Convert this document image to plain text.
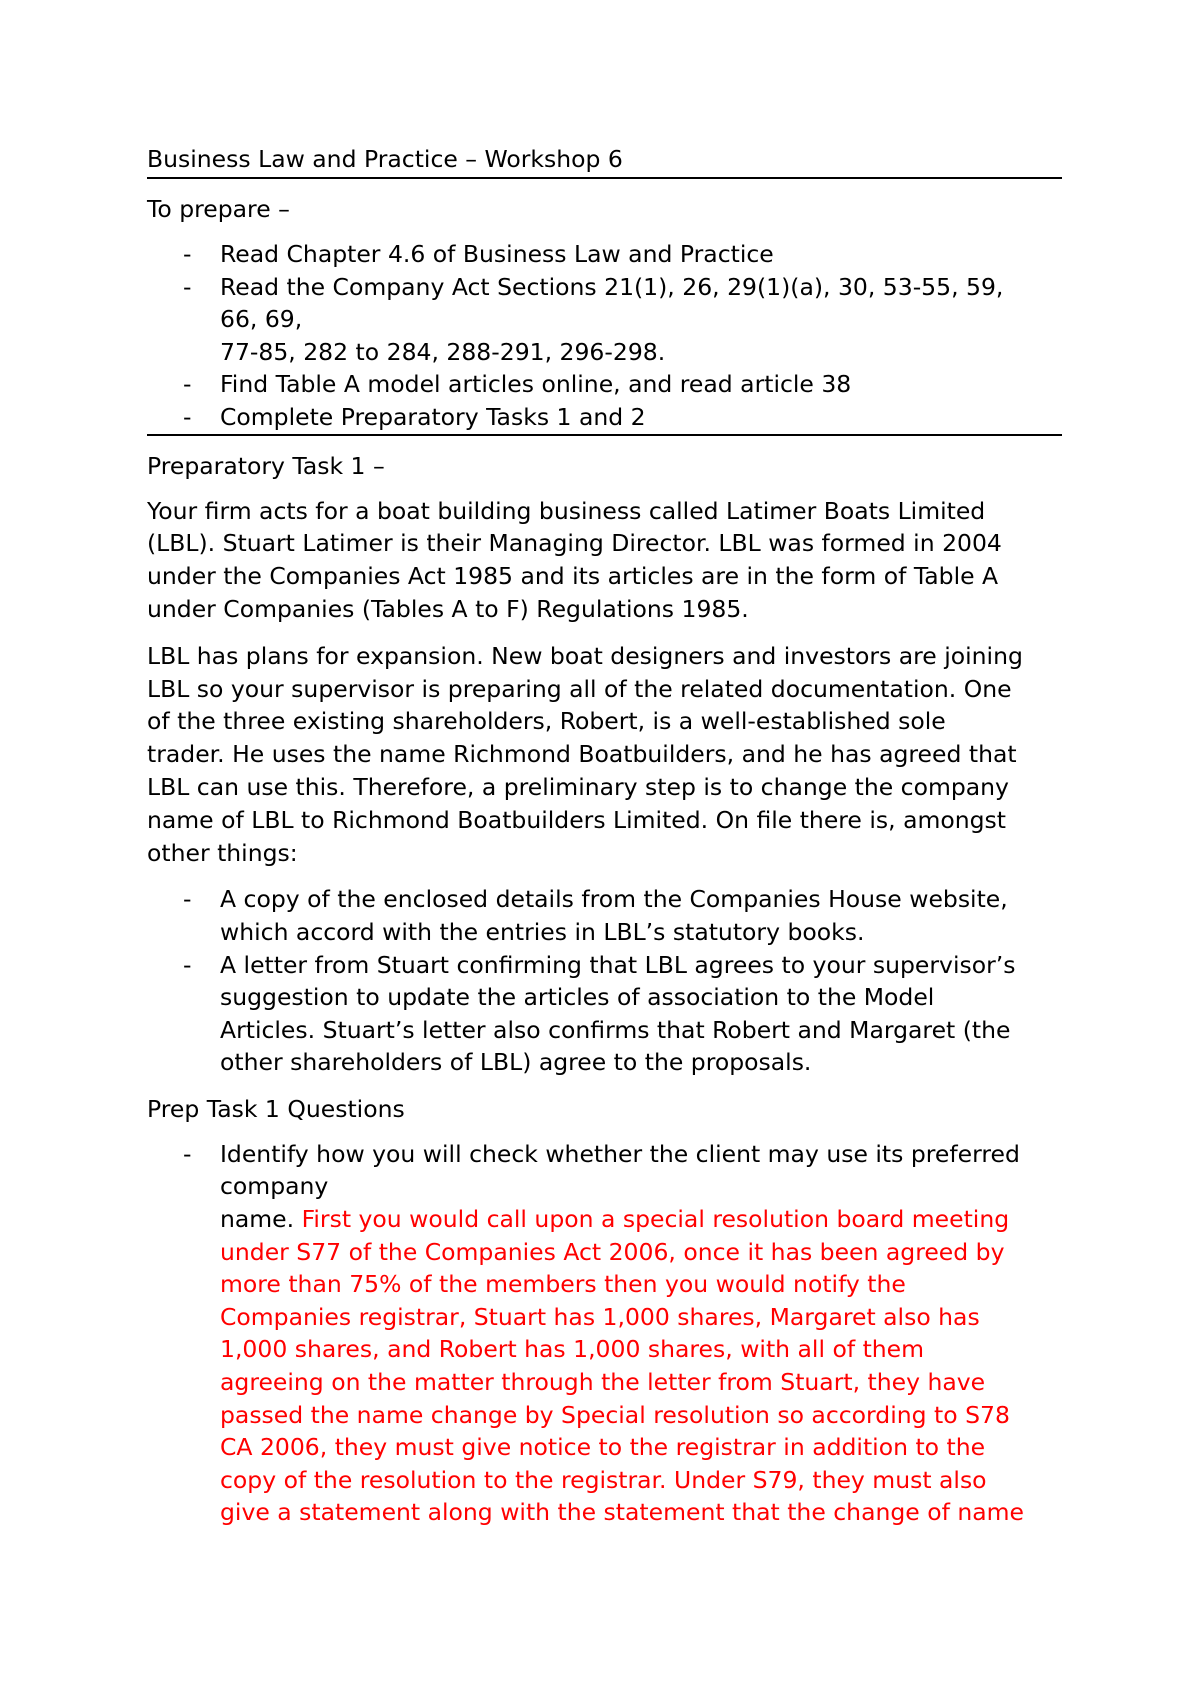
Business Law and Practice – Workshop 6

To prepare –

- Read Chapter 4.6 of Business Law and Practice
- Read the Company Act Sections 21(1), 26, 29(1)(a), 30, 53-55, 59,
66, 69,
77-85, 282 to 284, 288-291, 296-298.
- Find Table A model articles online, and read article 38
- Complete Preparatory Tasks 1 and 2

Preparatory Task 1 –

Your firm acts for a boat building business called Latimer Boats Limited
(LBL). Stuart Latimer is their Managing Director. LBL was formed in 2004
under the Companies Act 1985 and its articles are in the form of Table A
under Companies (Tables A to F) Regulations 1985.

LBL has plans for expansion. New boat designers and investors are joining
LBL so your supervisor is preparing all of the related documentation. One
of the three existing shareholders, Robert, is a well-established sole
trader. He uses the name Richmond Boatbuilders, and he has agreed that
LBL can use this. Therefore, a preliminary step is to change the company
name of LBL to Richmond Boatbuilders Limited. On file there is, amongst
other things:

- A copy of the enclosed details from the Companies House website,
which accord with the entries in LBL’s statutory books.
- A letter from Stuart confirming that LBL agrees to your supervisor’s
suggestion to update the articles of association to the Model
Articles. Stuart’s letter also confirms that Robert and Margaret (the
other shareholders of LBL) agree to the proposals.

Prep Task 1 Questions

- Identify how you will check whether the client may use its preferred
company
name. First you would call upon a special resolution board meeting
under S77 of the Companies Act 2006, once it has been agreed by
more than 75% of the members then you would notify the
Companies registrar, Stuart has 1,000 shares, Margaret also has
1,000 shares, and Robert has 1,000 shares, with all of them
agreeing on the matter through the letter from Stuart, they have
passed the name change by Special resolution so according to S78
CA 2006, they must give notice to the registrar in addition to the
copy of the resolution to the registrar. Under S79, they must also
give a statement along with the statement that the change of name
